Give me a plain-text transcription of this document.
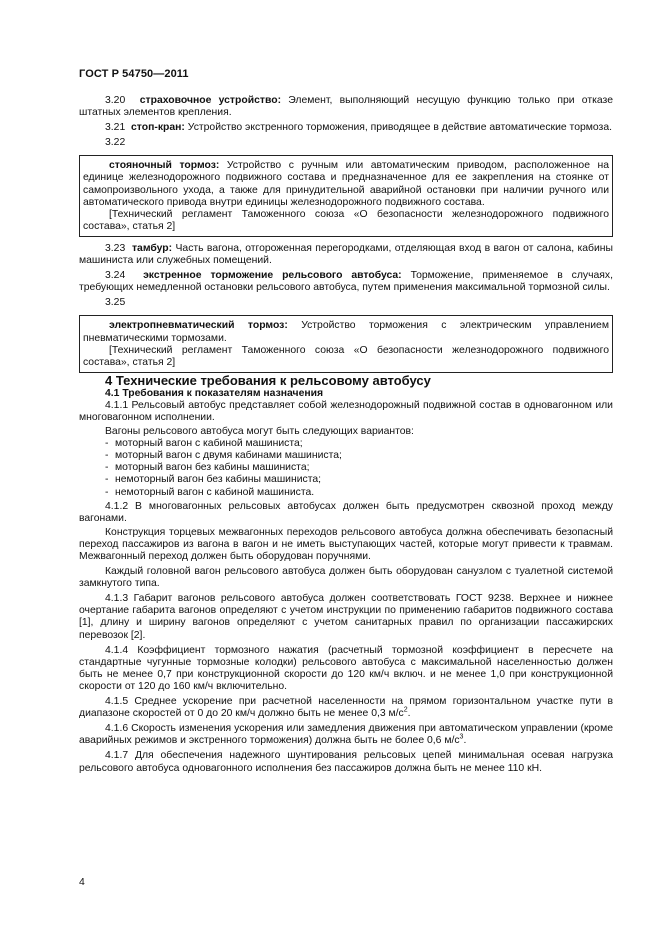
ГОСТ Р 54750—2011

3.20 страховочное устройство: Элемент, выполняющий несущую функцию только при отказе штатных элементов крепления.

3.21 стоп-кран: Устройство экстренного торможения, приводящее в действие автоматические тормоза.

3.22

стояночный тормоз: Устройство с ручным или автоматическим приводом, расположенное на единице железнодорожного подвижного состава и предназначенное для ее закрепления на стоянке от самопроизвольного ухода, а также для принудительной аварийной остановки при наличии ручного или автоматического привода внутри единицы железнодорожного подвижного состава.

[Технический регламент Таможенного союза «О безопасности железнодорожного подвижного состава», статья 2]

3.23 тамбур: Часть вагона, отгороженная перегородками, отделяющая вход в вагон от салона, кабины машиниста или служебных помещений.

3.24 экстренное торможение рельсового автобуса: Торможение, применяемое в случаях, требующих немедленной остановки рельсового автобуса, путем применения максимальной тормозной силы.

3.25

электропневматический тормоз: Устройство торможения с электрическим управлением пневматическими тормозами.

[Технический регламент Таможенного союза «О безопасности железнодорожного подвижного состава», статья 2]

4 Технические требования к рельсовому автобусу

4.1 Требования к показателям назначения

4.1.1 Рельсовый автобус представляет собой железнодорожный подвижной состав в одновагонном или многовагонном исполнении.

Вагоны рельсового автобуса могут быть следующих вариантов:

- моторный вагон с кабиной машиниста;

- моторный вагон с двумя кабинами машиниста;

- моторный вагон без кабины машиниста;

- немоторный вагон без кабины машиниста;

- немоторный вагон с кабиной машиниста.

4.1.2 В многовагонных рельсовых автобусах должен быть предусмотрен сквозной проход между вагонами.

Конструкция торцевых межвагонных переходов рельсового автобуса должна обеспечивать безопасный переход пассажиров из вагона в вагон и не иметь выступающих частей, которые могут привести к травмам. Межвагонный переход должен быть оборудован поручнями.

Каждый головной вагон рельсового автобуса должен быть оборудован санузлом с туалетной системой замкнутого типа.

4.1.3 Габарит вагонов рельсового автобуса должен соответствовать ГОСТ 9238. Верхнее и нижнее очертание габарита вагонов определяют с учетом инструкции по применению габаритов подвижного состава [1], длину и ширину вагонов определяют с учетом санитарных правил по организации пассажирских перевозок [2].

4.1.4 Коэффициент тормозного нажатия (расчетный тормозной коэффициент в пересчете на стандартные чугунные тормозные колодки) рельсового автобуса с максимальной населенностью должен быть не менее 0,7 при конструкционной скорости до 120 км/ч включ. и не менее 1,0 при конструкционной скорости от 120 до 160 км/ч включительно.

4.1.5 Среднее ускорение при расчетной населенности на прямом горизонтальном участке пути в диапазоне скоростей от 0 до 20 км/ч должно быть не менее 0,3 $м/с^2$.

4.1.6 Скорость изменения ускорения или замедления движения при автоматическом управлении (кроме аварийных режимов и экстренного торможения) должна быть не более 0,6 $м/с^3$.

4.1.7 Для обеспечения надежного шунтирования рельсовых цепей минимальная осевая нагрузка рельсового автобуса одновагонного исполнения без пассажиров должна быть не менее 110 кН.

4
